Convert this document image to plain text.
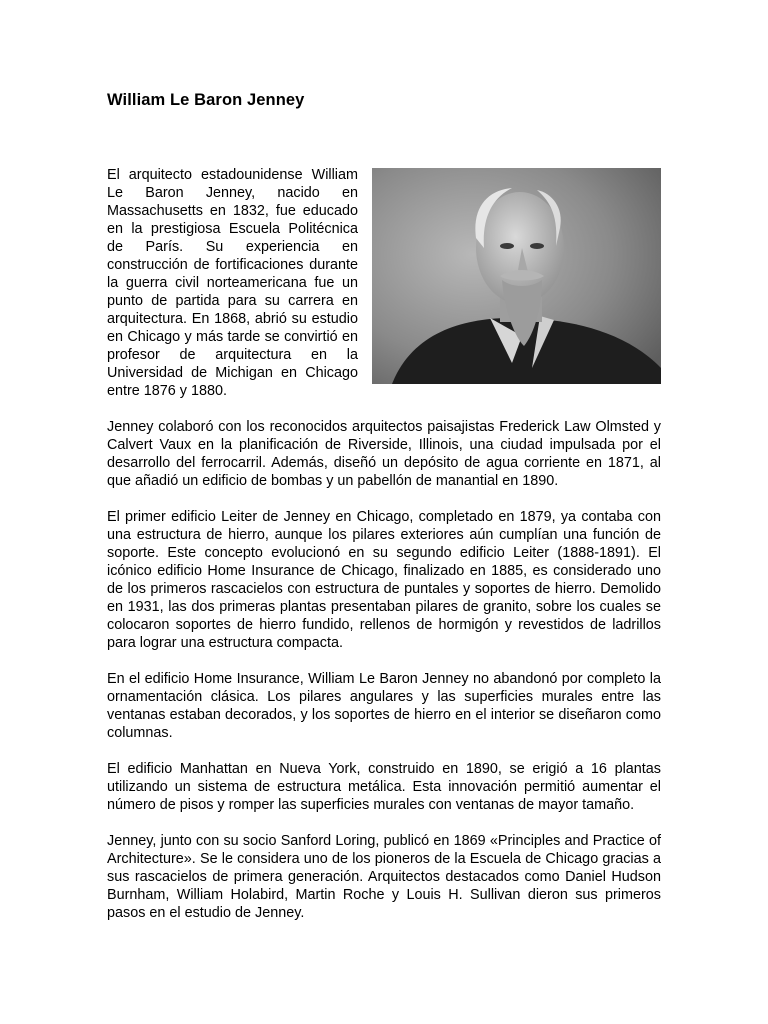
William Le Baron Jenney

El arquitecto estadounidense William Le Baron Jenney, nacido en Massachusetts en 1832, fue educado en la prestigiosa Escuela Politécnica de París. Su experiencia en construcción de fortificaciones durante la guerra civil norteamericana fue un punto de partida para su carrera en arquitectura. En 1868, abrió su estudio en Chicago y más tarde se convirtió en profesor de arquitectura en la Universidad de Michigan en Chicago entre 1876 y 1880.

Jenney colaboró con los reconocidos arquitectos paisajistas Frederick Law Olmsted y Calvert Vaux en la planificación de Riverside, Illinois, una ciudad impulsada por el desarrollo del ferrocarril. Además, diseñó un depósito de agua corriente en 1871, al que añadió un edificio de bombas y un pabellón de manantial en 1890.

El primer edificio Leiter de Jenney en Chicago, completado en 1879, ya contaba con una estructura de hierro, aunque los pilares exteriores aún cumplían una función de soporte. Este concepto evolucionó en su segundo edificio Leiter (1888-1891). El icónico edificio Home Insurance de Chicago, finalizado en 1885, es considerado uno de los primeros rascacielos con estructura de puntales y soportes de hierro. Demolido en 1931, las dos primeras plantas presentaban pilares de granito, sobre los cuales se colocaron soportes de hierro fundido, rellenos de hormigón y revestidos de ladrillos para lograr una estructura compacta.

En el edificio Home Insurance, William Le Baron Jenney no abandonó por completo la ornamentación clásica. Los pilares angulares y las superficies murales entre las ventanas estaban decorados, y los soportes de hierro en el interior se diseñaron como columnas.

El edificio Manhattan en Nueva York, construido en 1890, se erigió a 16 plantas utilizando un sistema de estructura metálica. Esta innovación permitió aumentar el número de pisos y romper las superficies murales con ventanas de mayor tamaño.

Jenney, junto con su socio Sanford Loring, publicó en 1869 «Principles and Practice of Architecture». Se le considera uno de los pioneros de la Escuela de Chicago gracias a sus rascacielos de primera generación. Arquitectos destacados como Daniel Hudson Burnham, William Holabird, Martin Roche y Louis H. Sullivan dieron sus primeros pasos en el estudio de Jenney.
